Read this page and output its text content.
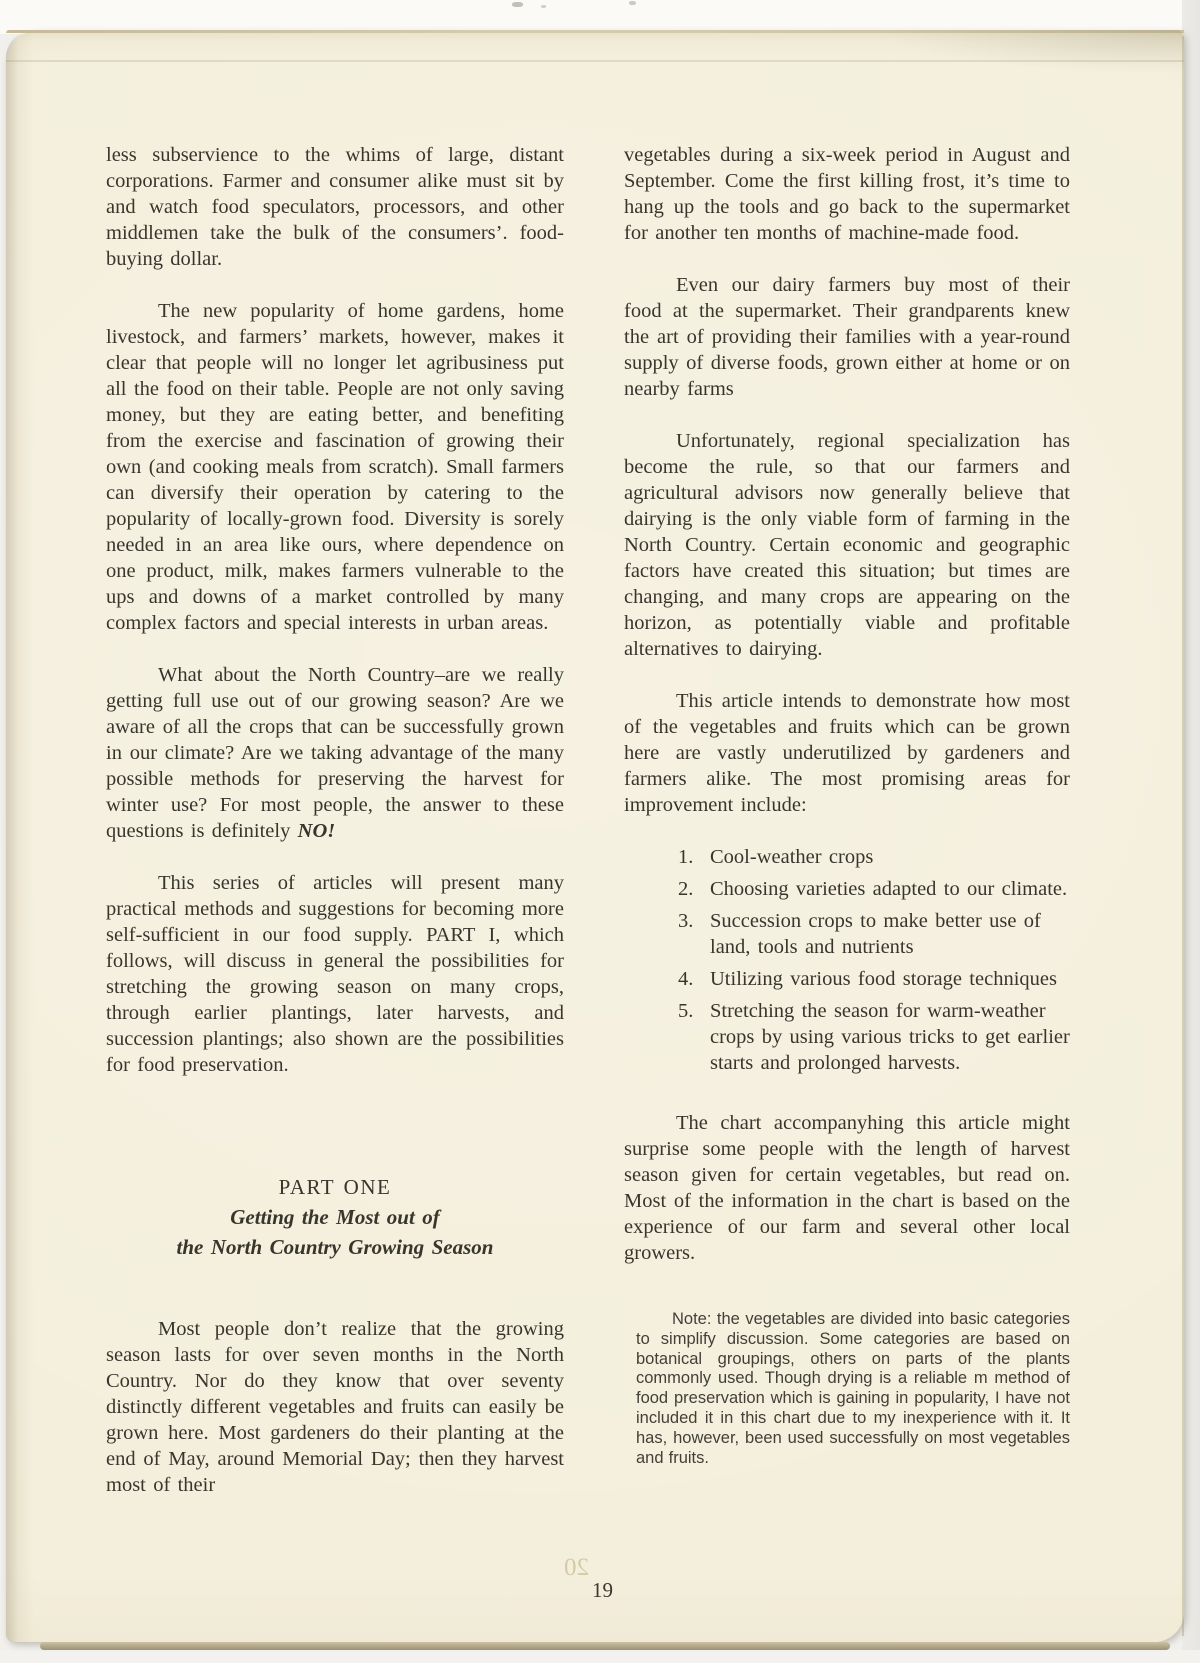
less subservience to the whims of large, distant corporations. Farmer and consumer alike must sit by and watch food speculators, processors, and other middlemen take the bulk of the consumers’. food-buying dollar.

The new popularity of home gardens, home livestock, and farmers’ markets, however, makes it clear that people will no longer let agribusiness put all the food on their table. People are not only saving money, but they are eating better, and benefiting from the exercise and fascination of growing their own (and cooking meals from scratch). Small farmers can diversify their operation by catering to the popularity of locally-grown food. Diversity is sorely needed in an area like ours, where dependence on one product, milk, makes farmers vulnerable to the ups and downs of a market controlled by many complex factors and special interests in urban areas.

What about the North Country–are we really getting full use out of our growing season? Are we aware of all the crops that can be successfully grown in our climate? Are we taking advantage of the many possible methods for preserving the harvest for winter use? For most people, the answer to these questions is definitely NO!

This series of articles will present many practical methods and suggestions for becoming more self-sufficient in our food supply. PART I, which follows, will discuss in general the possibilities for stretching the growing season on many crops, through earlier plantings, later harvests, and succession plantings; also shown are the possibilities for food preservation.

PART ONE
Getting the Most out of
the North Country Growing Season

Most people don’t realize that the growing season lasts for over seven months in the North Country. Nor do they know that over seventy distinctly different vegetables and fruits can easily be grown here. Most gardeners do their planting at the end of May, around Memorial Day; then they harvest most of their

vegetables during a six-week period in August and September. Come the first killing frost, it’s time to hang up the tools and go back to the supermarket for another ten months of machine-made food.

Even our dairy farmers buy most of their food at the supermarket. Their grandparents knew the art of providing their families with a year-round supply of diverse foods, grown either at home or on nearby farms

Unfortunately, regional specialization has become the rule, so that our farmers and agricultural advisors now generally believe that dairying is the only viable form of farming in the North Country. Certain economic and geographic factors have created this situation; but times are changing, and many crops are appearing on the horizon, as potentially viable and profitable alternatives to dairying.

This article intends to demonstrate how most of the vegetables and fruits which can be grown here are vastly underutilized by gardeners and farmers alike. The most promising areas for improvement include:

1. Cool-weather crops
2. Choosing varieties adapted to our climate.
3. Succession crops to make better use of land, tools and nutrients
4. Utilizing various food storage techniques
5. Stretching the season for warm-weather crops by using various tricks to get earlier starts and prolonged harvests.

The chart accompanyhing this article might surprise some people with the length of harvest season given for certain vegetables, but read on. Most of the information in the chart is based on the experience of our farm and several other local growers.

Note: the vegetables are divided into basic categories to simplify discussion. Some categories are based on botanical groupings, others on parts of the plants commonly used. Though drying is a reliable m method of food preservation which is gaining in popularity, I have not included it in this chart due to my inexperience with it. It has, however, been used successfully on most vegetables and fruits.

20
19
